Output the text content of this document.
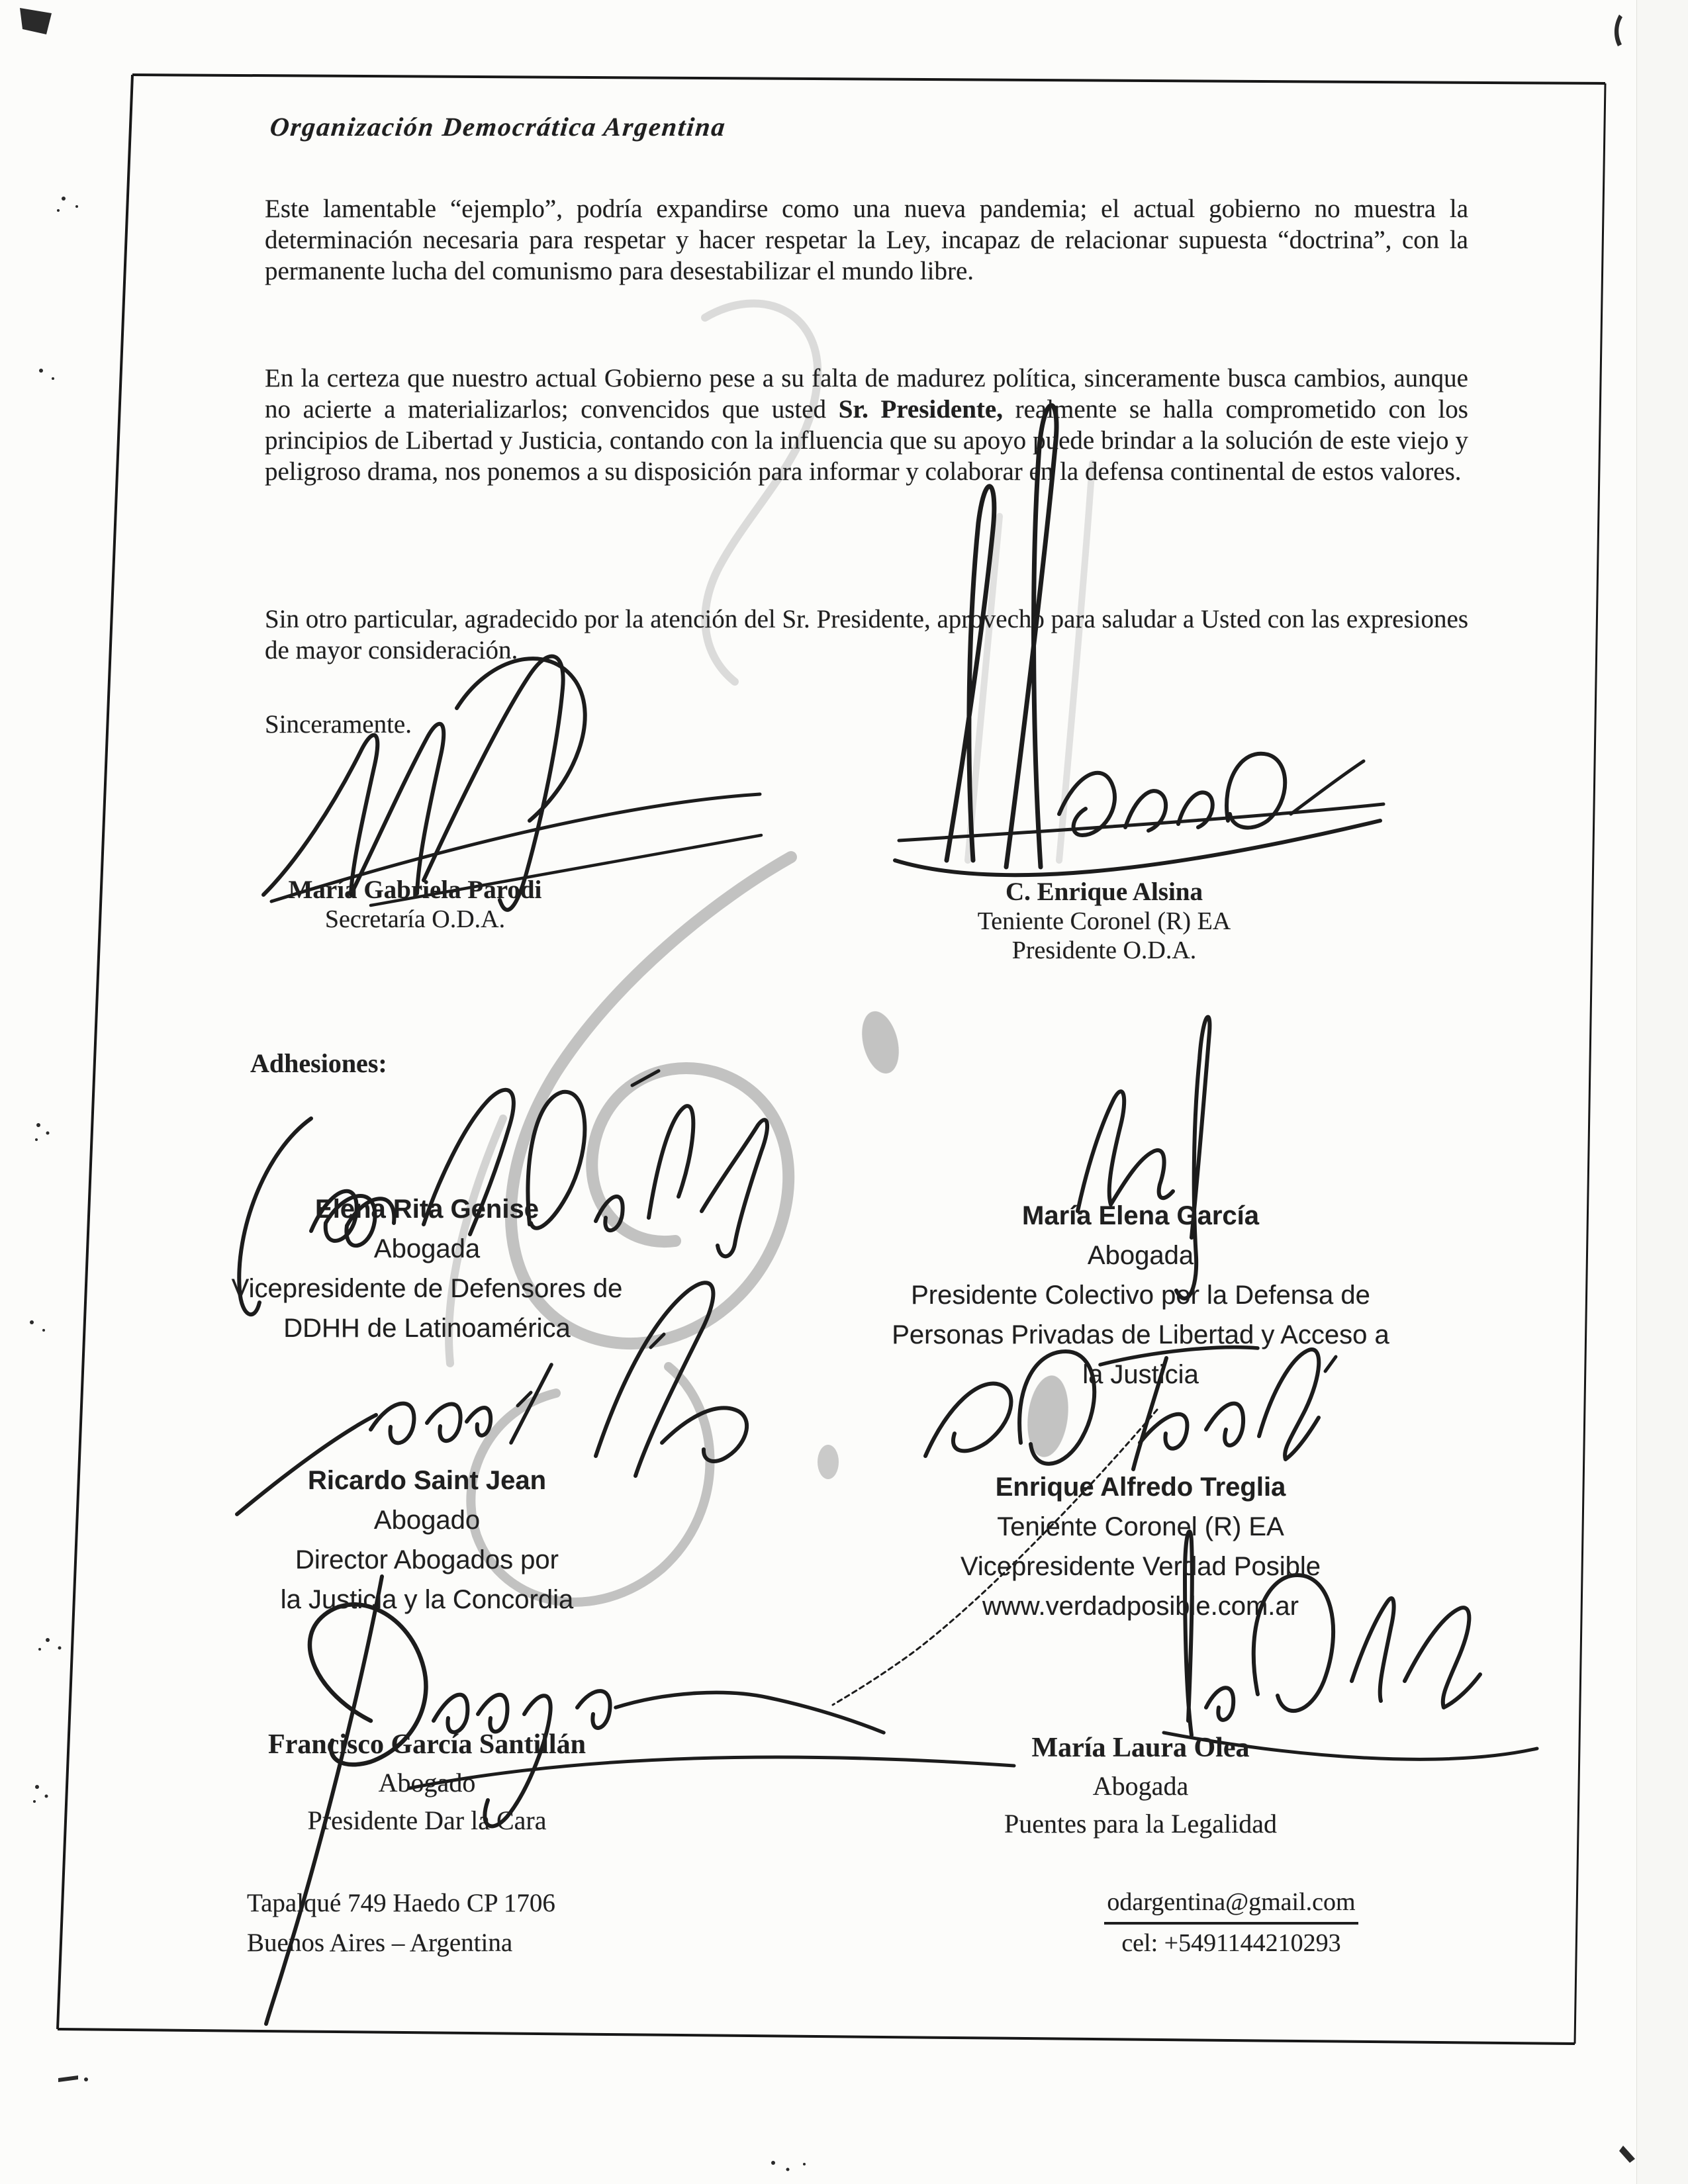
Organización Democrática Argentina

Este lamentable “ejemplo”, podría expandirse como una nueva pandemia; el actual gobierno no muestra la determinación necesaria para respetar y hacer respetar la Ley, incapaz de relacionar supuesta “doctrina”, con la permanente lucha del comunismo para desestabilizar el mundo libre.

En la certeza que nuestro actual Gobierno pese a su falta de madurez política, sinceramente busca cambios, aunque no acierte a materializarlos; convencidos que usted Sr. Presidente, realmente se halla comprometido con los principios de Libertad y Justicia, contando con la influencia que su apoyo puede brindar a la solución de este viejo y peligroso drama, nos ponemos a su disposición para informar y colaborar en la defensa continental de estos valores.

Sin otro particular, agradecido por la atención del Sr. Presidente, aprovecho para saludar a Usted con las expresiones de mayor consideración.

Sinceramente.
María Gabriela Parodi
Secretaría O.D.A.
C. Enrique Alsina
Teniente Coronel (R) EA
Presidente O.D.A.
Adhesiones:
Elena Rita Genise
Abogada
Vicepresidente de Defensores de
DDHH de Latinoamérica
María Elena García
Abogada
Presidente Colectivo por la Defensa de
Personas Privadas de Libertad y Acceso a
la Justicia
Ricardo Saint Jean
Abogado
Director Abogados por
la Justicia y la Concordia
Enrique Alfredo Treglia
Teniente Coronel (R) EA
Vicepresidente Verdad Posible
www.verdadposible.com.ar
Francisco García Santillán
Abogado
Presidente Dar la Cara
María Laura Olea
Abogada
Puentes para la Legalidad
Tapalqué 749 Haedo CP 1706
Buenos Aires – Argentina
odargentina@gmail.com
cel: +5491144210293
